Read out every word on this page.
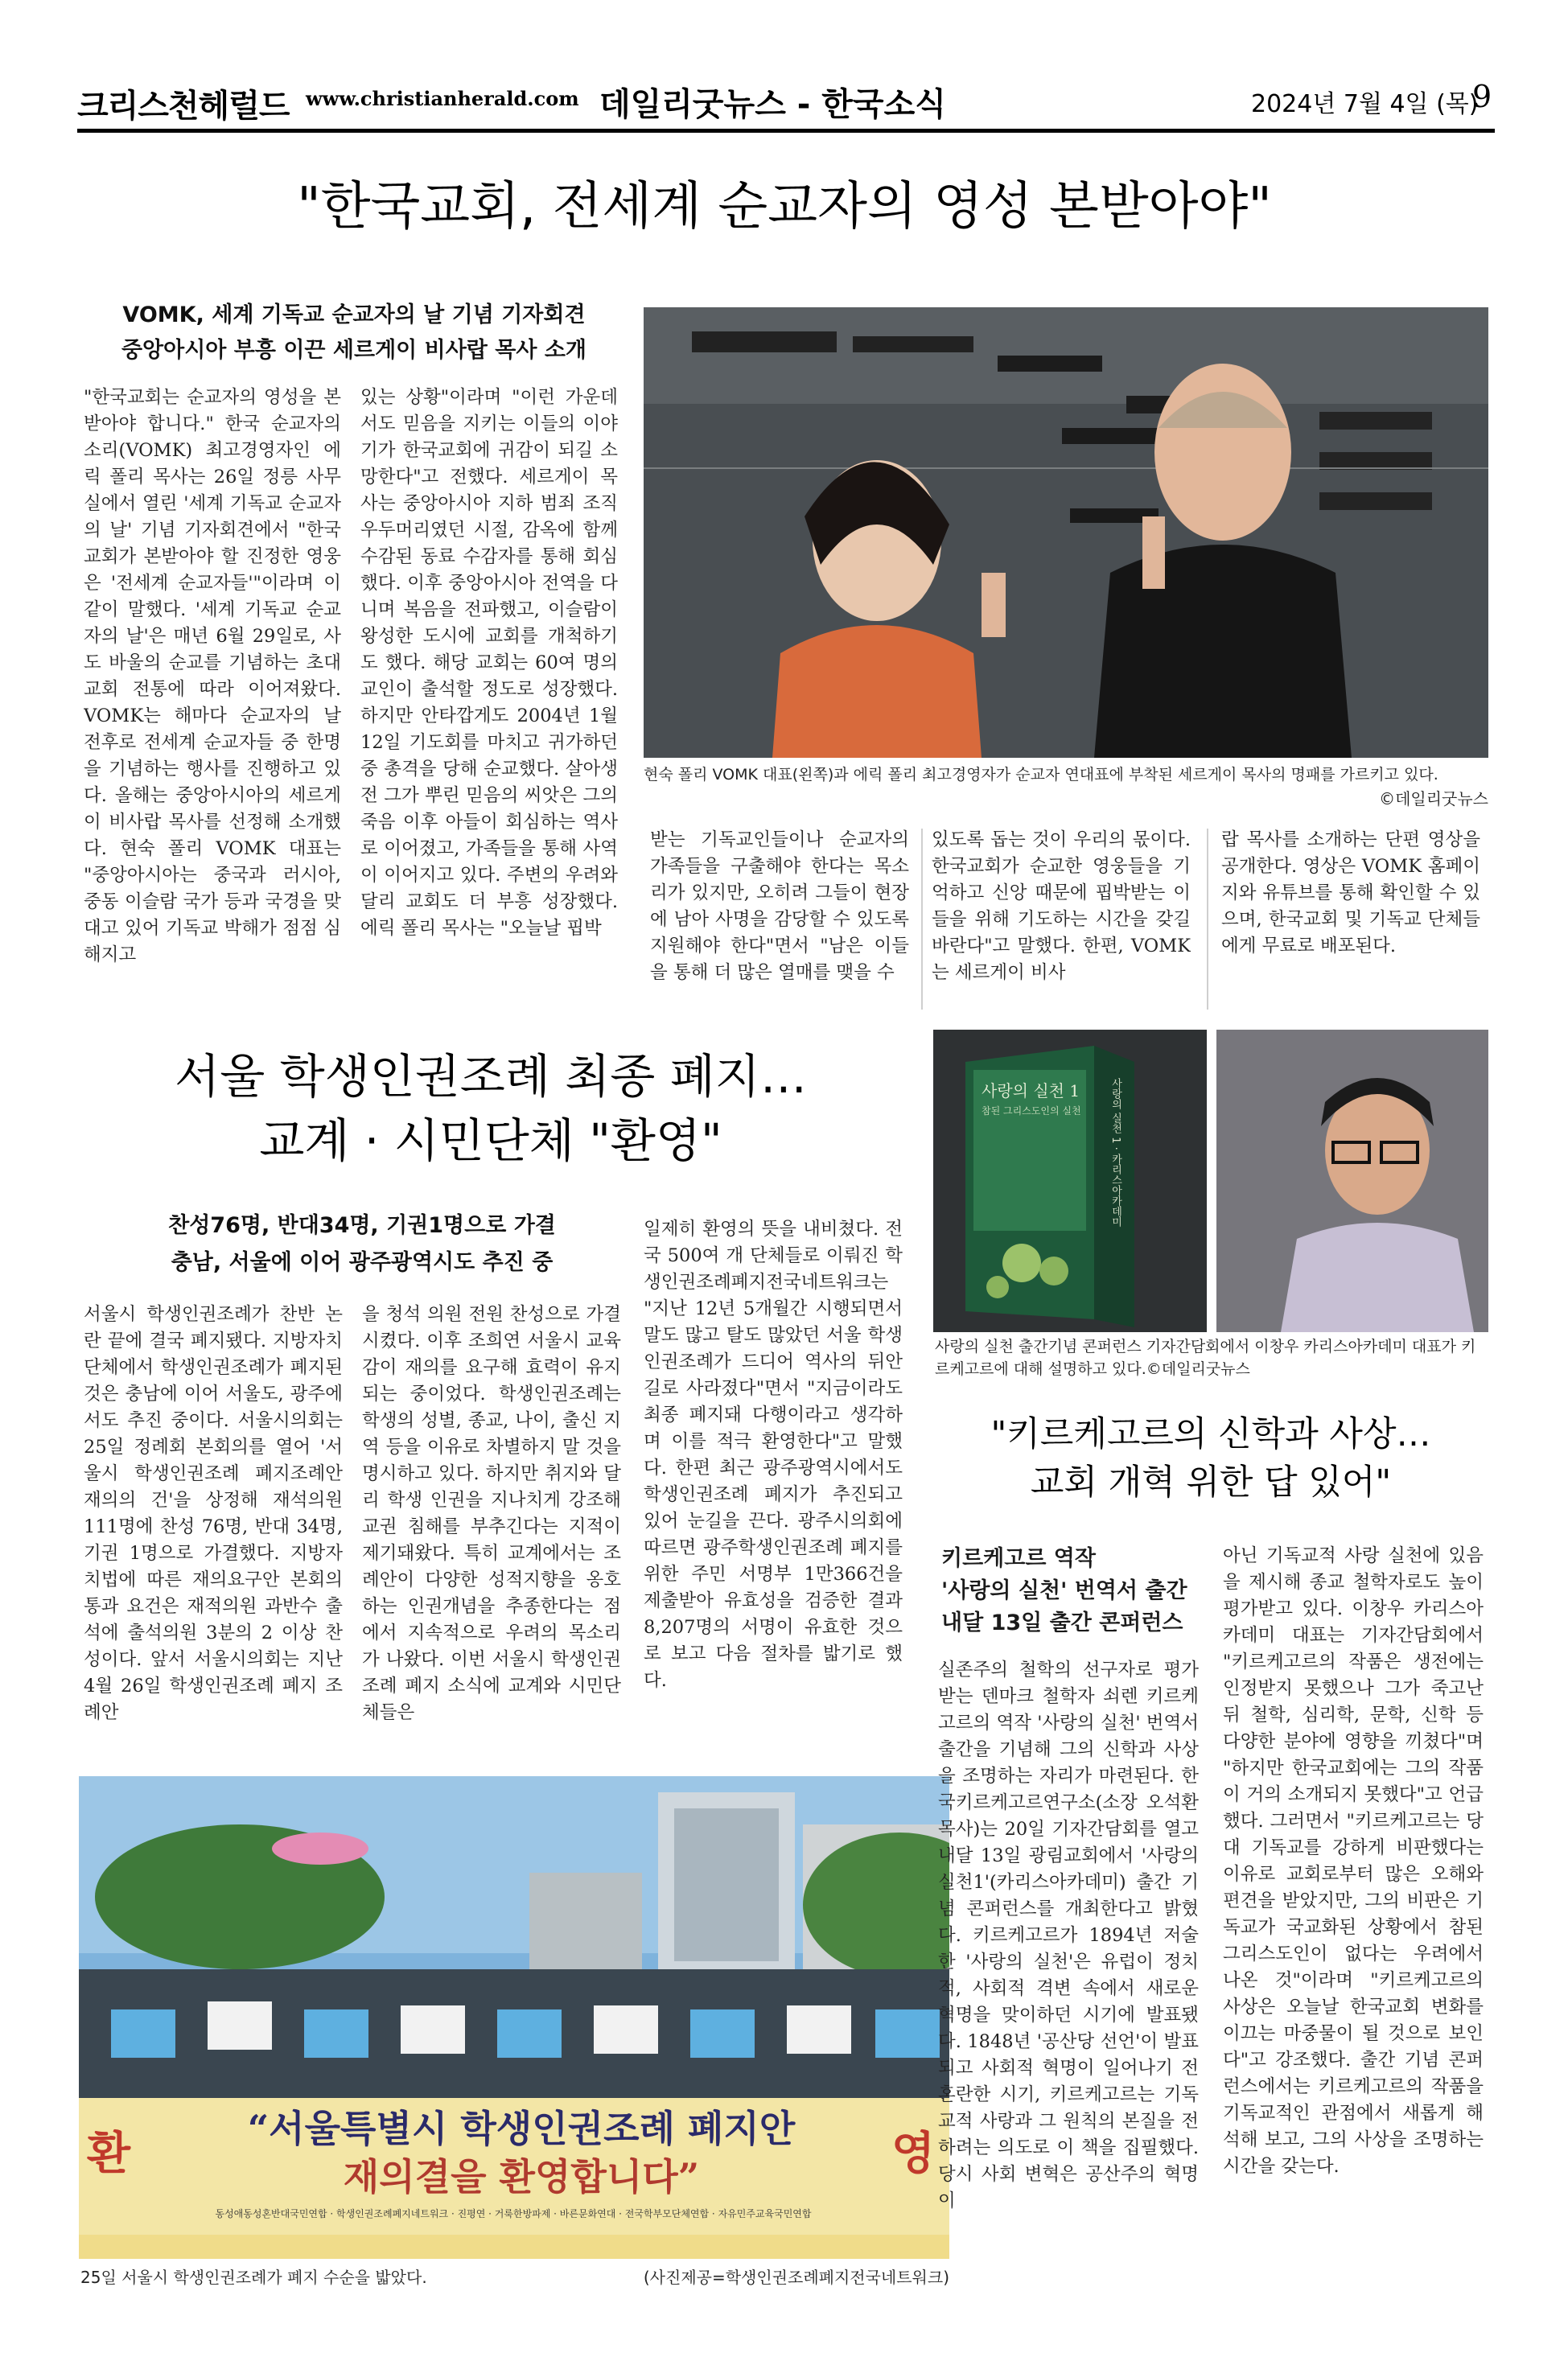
크리스천헤럴드 www.christianherald.com 데일리굿뉴스 - 한국소식	2024년 7월 4일 (목)
9
"한국교회, 전세계 순교자의 영성 본받아야"
VOMK, 세계 기독교 순교자의 날 기념 기자회견
중앙아시아 부흥 이끈 세르게이 비사랍 목사 소개
"한국교회는 순교자의 영성을 본받아야 합니다." 한국 순교자의소리(VOMK) 최고경영자인 에릭 폴리 목사는 26일 정릉 사무실에서 열린 '세계 기독교 순교자의 날' 기념 기자회견에서 "한국교회가 본받아야 할 진정한 영웅은 '전세계 순교자들'"이라며 이같이 말했다. '세계 기독교 순교자의 날'은 매년 6월 29일로, 사도 바울의 순교를 기념하는 초대교회 전통에 따라 이어져왔다. VOMK는 해마다 순교자의 날 전후로 전세계 순교자들 중 한명을 기념하는 행사를 진행하고 있다. 올해는 중앙아시아의 세르게이 비사랍 목사를 선정해 소개했다. 현숙 폴리 VOMK 대표는 "중앙아시아는 중국과 러시아, 중동 이슬람 국가 등과 국경을 맞대고 있어 기독교 박해가 점점 심해지고
있는 상황"이라며 "이런 가운데서도 믿음을 지키는 이들의 이야기가 한국교회에 귀감이 되길 소망한다"고 전했다. 세르게이 목사는 중앙아시아 지하 범죄 조직 우두머리였던 시절, 감옥에 함께 수감된 동료 수감자를 통해 회심했다. 이후 중앙아시아 전역을 다니며 복음을 전파했고, 이슬람이 왕성한 도시에 교회를 개척하기도 했다. 해당 교회는 60여 명의 교인이 출석할 정도로 성장했다. 하지만 안타깝게도 2004년 1월 12일 기도회를 마치고 귀가하던 중 총격을 당해 순교했다. 살아생전 그가 뿌린 믿음의 씨앗은 그의 죽음 이후 아들이 회심하는 역사로 이어졌고, 가족들을 통해 사역이 이어지고 있다. 주변의 우려와 달리 교회도 더 부흥 성장했다. 에릭 폴리 목사는 "오늘날 핍박
현숙 폴리 VOMK 대표(왼쪽)과 에릭 폴리 최고경영자가 순교자 연대표에 부착된 세르게이 목사의 명패를 가르키고 있다.
©데일리굿뉴스
받는 기독교인들이나 순교자의 가족들을 구출해야 한다는 목소리가 있지만, 오히려 그들이 현장에 남아 사명을 감당할 수 있도록 지원해야 한다"면서 "남은 이들을 통해 더 많은 열매를 맺을 수
있도록 돕는 것이 우리의 몫이다. 한국교회가 순교한 영웅들을 기억하고 신앙 때문에 핍박받는 이들을 위해 기도하는 시간을 갖길 바란다"고 말했다. 한편, VOMK는 세르게이 비사
랍 목사를 소개하는 단편 영상을 공개한다. 영상은 VOMK 홈페이지와 유튜브를 통해 확인할 수 있으며, 한국교회 및 기독교 단체들에게 무료로 배포된다.
서울 학생인권조례 최종 폐지…
교계 · 시민단체 "환영"
찬성76명, 반대34명, 기권1명으로 가결
충남, 서울에 이어 광주광역시도 추진 중
서울시 학생인권조례가 찬반 논란 끝에 결국 폐지됐다. 지방자치단체에서 학생인권조례가 폐지된 것은 충남에 이어 서울도, 광주에서도 추진 중이다. 서울시의회는 25일 정례회 본회의를 열어 '서울시 학생인권조례 폐지조례안 재의의 건'을 상정해 재석의원 111명에 찬성 76명, 반대 34명, 기권 1명으로 가결했다. 지방자치법에 따른 재의요구안 본회의 통과 요건은 재적의원 과반수 출석에 출석의원 3분의 2 이상 찬성이다. 앞서 서울시의회는 지난 4월 26일 학생인권조례 폐지 조례안
을 청석 의원 전원 찬성으로 가결시켰다. 이후 조희연 서울시 교육감이 재의를 요구해 효력이 유지되는 중이었다. 학생인권조례는 학생의 성별, 종교, 나이, 출신 지역 등을 이유로 차별하지 말 것을 명시하고 있다. 하지만 취지와 달리 학생 인권을 지나치게 강조해 교권 침해를 부추긴다는 지적이 제기돼왔다. 특히 교계에서는 조례안이 다양한 성적지향을 옹호하는 인권개념을 추종한다는 점에서 지속적으로 우려의 목소리가 나왔다. 이번 서울시 학생인권조례 폐지 소식에 교계와 시민단체들은
일제히 환영의 뜻을 내비쳤다. 전국 500여 개 단체들로 이뤄진 학생인권조례폐지전국네트워크는 "지난 12년 5개월간 시행되면서 말도 많고 탈도 많았던 서울 학생인권조례가 드디어 역사의 뒤안길로 사라졌다"면서 "지금이라도 최종 폐지돼 다행이라고 생각하며 이를 적극 환영한다"고 말했다. 한편 최근 광주광역시에서도 학생인권조례 폐지가 추진되고 있어 눈길을 끈다. 광주시의회에 따르면 광주학생인권조례 폐지를 위한 주민 서명부 1만366건을 제출받아 유효성을 검증한 결과 8,207명의 서명이 유효한 것으로 보고 다음 절차를 밟기로 했다.
환	영
“서울특별시 학생인권조례 폐지안
재의결을 환영합니다”
동성애동성혼반대국민연합 · 학생인권조례폐지네트워크 · 진평연 · 거룩한방파제 · 바른문화연대 · 전국학부모단체연합 · 자유민주교육국민연합
25일 서울시 학생인권조례가 폐지 수순을 밟았다.	(사진제공=학생인권조례폐지전국네트워크)
사랑의 실천 1
참된 그리스도인의 실천	사랑의 실천 1 · 카리스아카데미
사랑의 실천 출간기념 콘퍼런스 기자간담회에서 이창우 카리스아카데미 대표가 키르케고르에 대해 설명하고 있다.©데일리굿뉴스
"키르케고르의 신학과 사상…
교회 개혁 위한 답 있어"
키르케고르 역작
'사랑의 실천' 번역서 출간
내달 13일 출간 콘퍼런스
실존주의 철학의 선구자로 평가받는 덴마크 철학자 쇠렌 키르케고르의 역작 '사랑의 실천' 번역서 출간을 기념해 그의 신학과 사상을 조명하는 자리가 마련된다. 한국키르케고르연구소(소장 오석환 목사)는 20일 기자간담회를 열고 내달 13일 광림교회에서 '사랑의 실천1'(카리스아카데미) 출간 기념 콘퍼런스를 개최한다고 밝혔다. 키르케고르가 1894년 저술한 '사랑의 실천'은 유럽이 정치적, 사회적 격변 속에서 새로운 혁명을 맞이하던 시기에 발표됐다. 1848년 '공산당 선언'이 발표되고 사회적 혁명이 일어나기 전 혼란한 시기, 키르케고르는 기독교적 사랑과 그 원칙의 본질을 전하려는 의도로 이 책을 집필했다. 당시 사회 변혁은 공산주의 혁명이
아닌 기독교적 사랑 실천에 있음을 제시해 종교 철학자로도 높이 평가받고 있다. 이창우 카리스아카데미 대표는 기자간담회에서 "키르케고르의 작품은 생전에는 인정받지 못했으나 그가 죽고난 뒤 철학, 심리학, 문학, 신학 등 다양한 분야에 영향을 끼쳤다"며 "하지만 한국교회에는 그의 작품이 거의 소개되지 못했다"고 언급했다. 그러면서 "키르케고르는 당대 기독교를 강하게 비판했다는 이유로 교회로부터 많은 오해와 편견을 받았지만, 그의 비판은 기독교가 국교화된 상황에서 참된 그리스도인이 없다는 우려에서 나온 것"이라며 "키르케고르의 사상은 오늘날 한국교회 변화를 이끄는 마중물이 될 것으로 보인다"고 강조했다. 출간 기념 콘퍼런스에서는 키르케고르의 작품을 기독교적인 관점에서 새롭게 해석해 보고, 그의 사상을 조명하는 시간을 갖는다.
